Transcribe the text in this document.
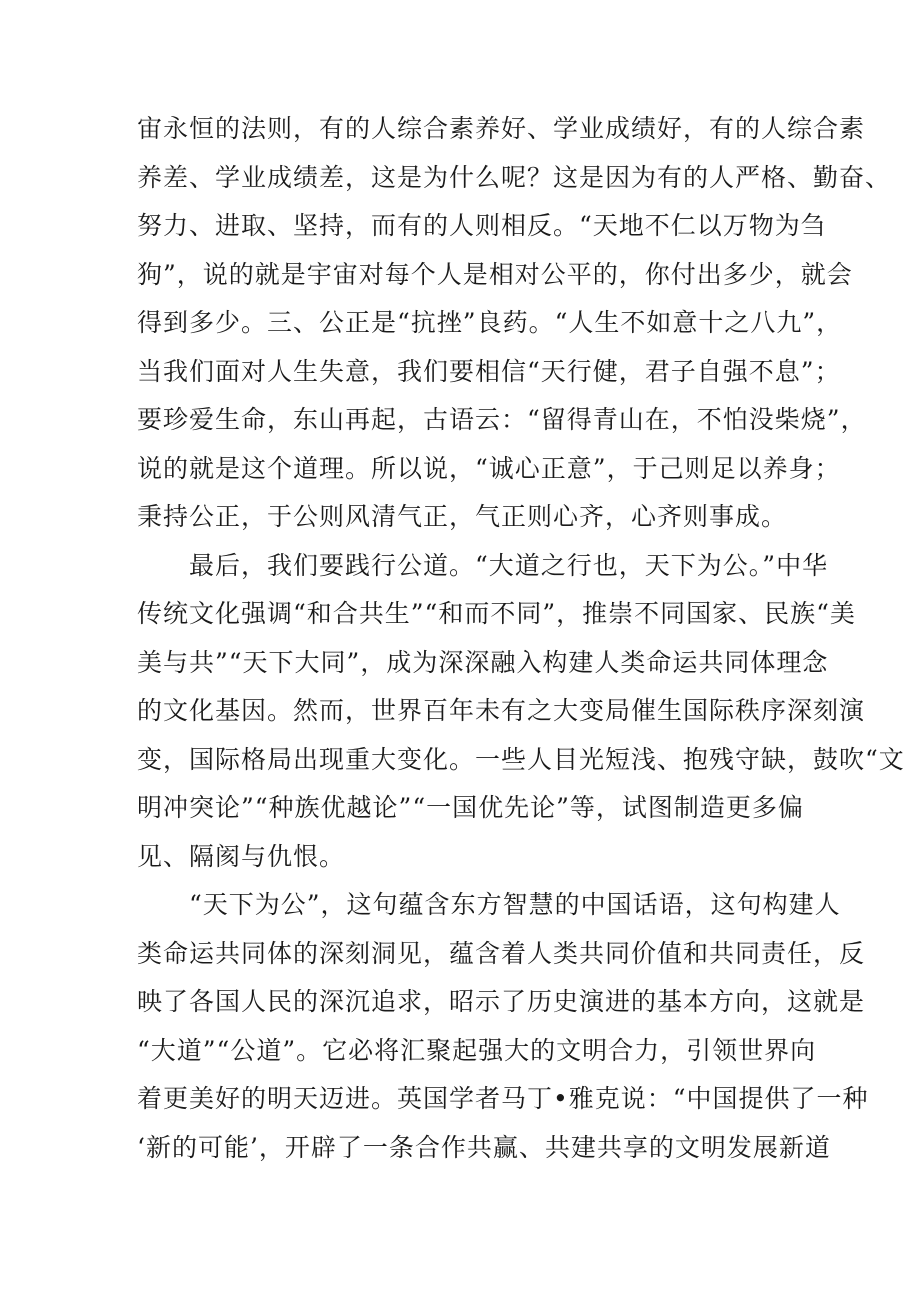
宙永恒的法则，有的人综合素养好、学业成绩好，有的人综合素
养差、学业成绩差，这是为什么呢？这是因为有的人严格、勤奋、
努力、进取、坚持，而有的人则相反。“天地不仁以万物为刍
狗”，说的就是宇宙对每个人是相对公平的，你付出多少，就会
得到多少。三、公正是“抗挫”良药。“人生不如意十之八九”，
当我们面对人生失意，我们要相信“天行健，君子自强不息”；
要珍爱生命，东山再起，古语云：“留得青山在，不怕没柴烧”，
说的就是这个道理。所以说，“诚心正意”，于己则足以养身；
秉持公正，于公则风清气正，气正则心齐，心齐则事成。
　　最后，我们要践行公道。“大道之行也，天下为公。”中华
传统文化强调“和合共生”“和而不同”，推崇不同国家、民族“美
美与共”“天下大同”，成为深深融入构建人类命运共同体理念
的文化基因。然而，世界百年未有之大变局催生国际秩序深刻演
变，国际格局出现重大变化。一些人目光短浅、抱残守缺，鼓吹“文
明冲突论”“种族优越论”“一国优先论”等，试图制造更多偏
见、隔阂与仇恨。
　　“天下为公”，这句蕴含东方智慧的中国话语，这句构建人
类命运共同体的深刻洞见，蕴含着人类共同价值和共同责任，反
映了各国人民的深沉追求，昭示了历史演进的基本方向，这就是
“大道”“公道”。它必将汇聚起强大的文明合力，引领世界向
着更美好的明天迈进。英国学者马丁•雅克说：“中国提供了一种
‘新的可能’，开辟了一条合作共赢、共建共享的文明发展新道
